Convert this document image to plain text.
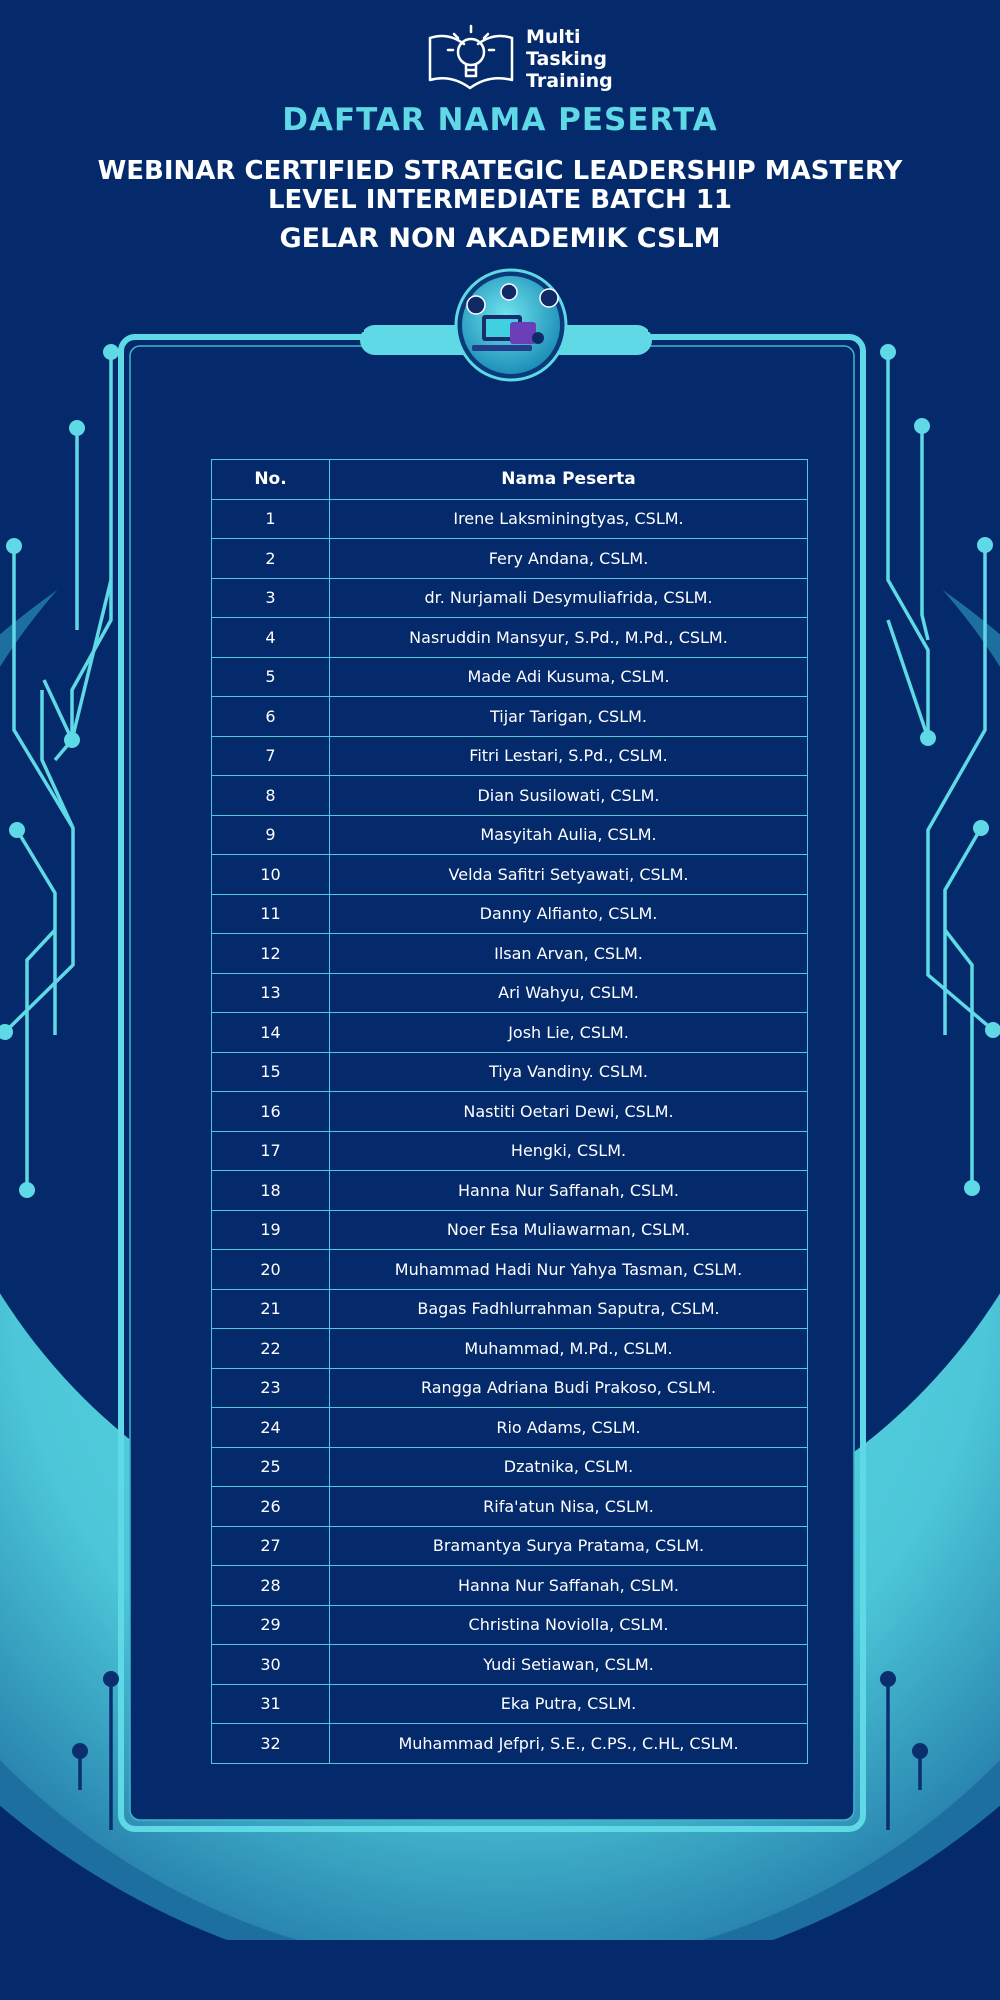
Multi
Tasking
Training
DAFTAR NAMA PESERTA
WEBINAR CERTIFIED STRATEGIC LEADERSHIP MASTERY
LEVEL INTERMEDIATE BATCH 11
GELAR NON AKADEMIK CSLM
No.	Nama Peserta
1	Irene Laksminingtyas, CSLM.
2	Fery Andana, CSLM.
3	dr. Nurjamali Desymuliafrida, CSLM.
4	Nasruddin Mansyur, S.Pd., M.Pd., CSLM.
5	Made Adi Kusuma, CSLM.
6	Tijar Tarigan, CSLM.
7	Fitri Lestari, S.Pd., CSLM.
8	Dian Susilowati, CSLM.
9	Masyitah Aulia, CSLM.
10	Velda Safitri Setyawati, CSLM.
11	Danny Alfianto, CSLM.
12	Ilsan Arvan, CSLM.
13	Ari Wahyu, CSLM.
14	Josh Lie, CSLM.
15	Tiya Vandiny. CSLM.
16	Nastiti Oetari Dewi, CSLM.
17	Hengki, CSLM.
18	Hanna Nur Saffanah, CSLM.
19	Noer Esa Muliawarman, CSLM.
20	Muhammad Hadi Nur Yahya Tasman, CSLM.
21	Bagas Fadhlurrahman Saputra, CSLM.
22	Muhammad, M.Pd., CSLM.
23	Rangga Adriana Budi Prakoso, CSLM.
24	Rio Adams, CSLM.
25	Dzatnika, CSLM.
26	Rifa'atun Nisa, CSLM.
27	Bramantya Surya Pratama, CSLM.
28	Hanna Nur Saffanah, CSLM.
29	Christina Noviolla, CSLM.
30	Yudi Setiawan, CSLM.
31	Eka Putra, CSLM.
32	Muhammad Jefpri, S.E., C.PS., C.HL, CSLM.
